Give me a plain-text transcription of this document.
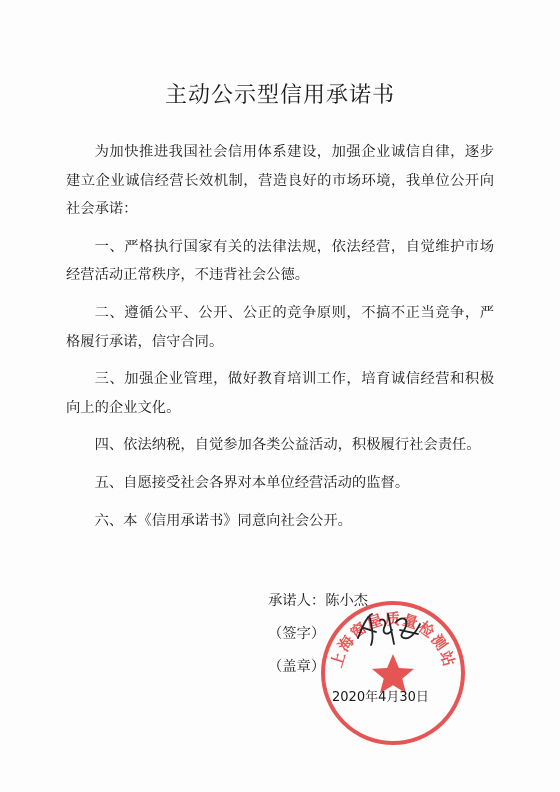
主动公示型信用承诺书

为加快推进我国社会信用体系建设，加强企业诚信自律，逐步建立企业诚信经营长效机制，营造良好的市场环境，我单位公开向社会承诺：

一、严格执行国家有关的法律法规，依法经营，自觉维护市场经营活动正常秩序，不违背社会公德。

二、遵循公平、公开、公正的竞争原则，不搞不正当竞争，严格履行承诺，信守合同。

三、加强企业管理，做好教育培训工作，培育诚信经营和积极向上的企业文化。

四、依法纳税，自觉参加各类公益活动，积极履行社会责任。

五、自愿接受社会各界对本单位经营活动的监督。

六、本《信用承诺书》同意向社会公开。

上海窗屋质量检测站
承诺人：陈小杰
（签字）
（盖章）
2020年4月30日
